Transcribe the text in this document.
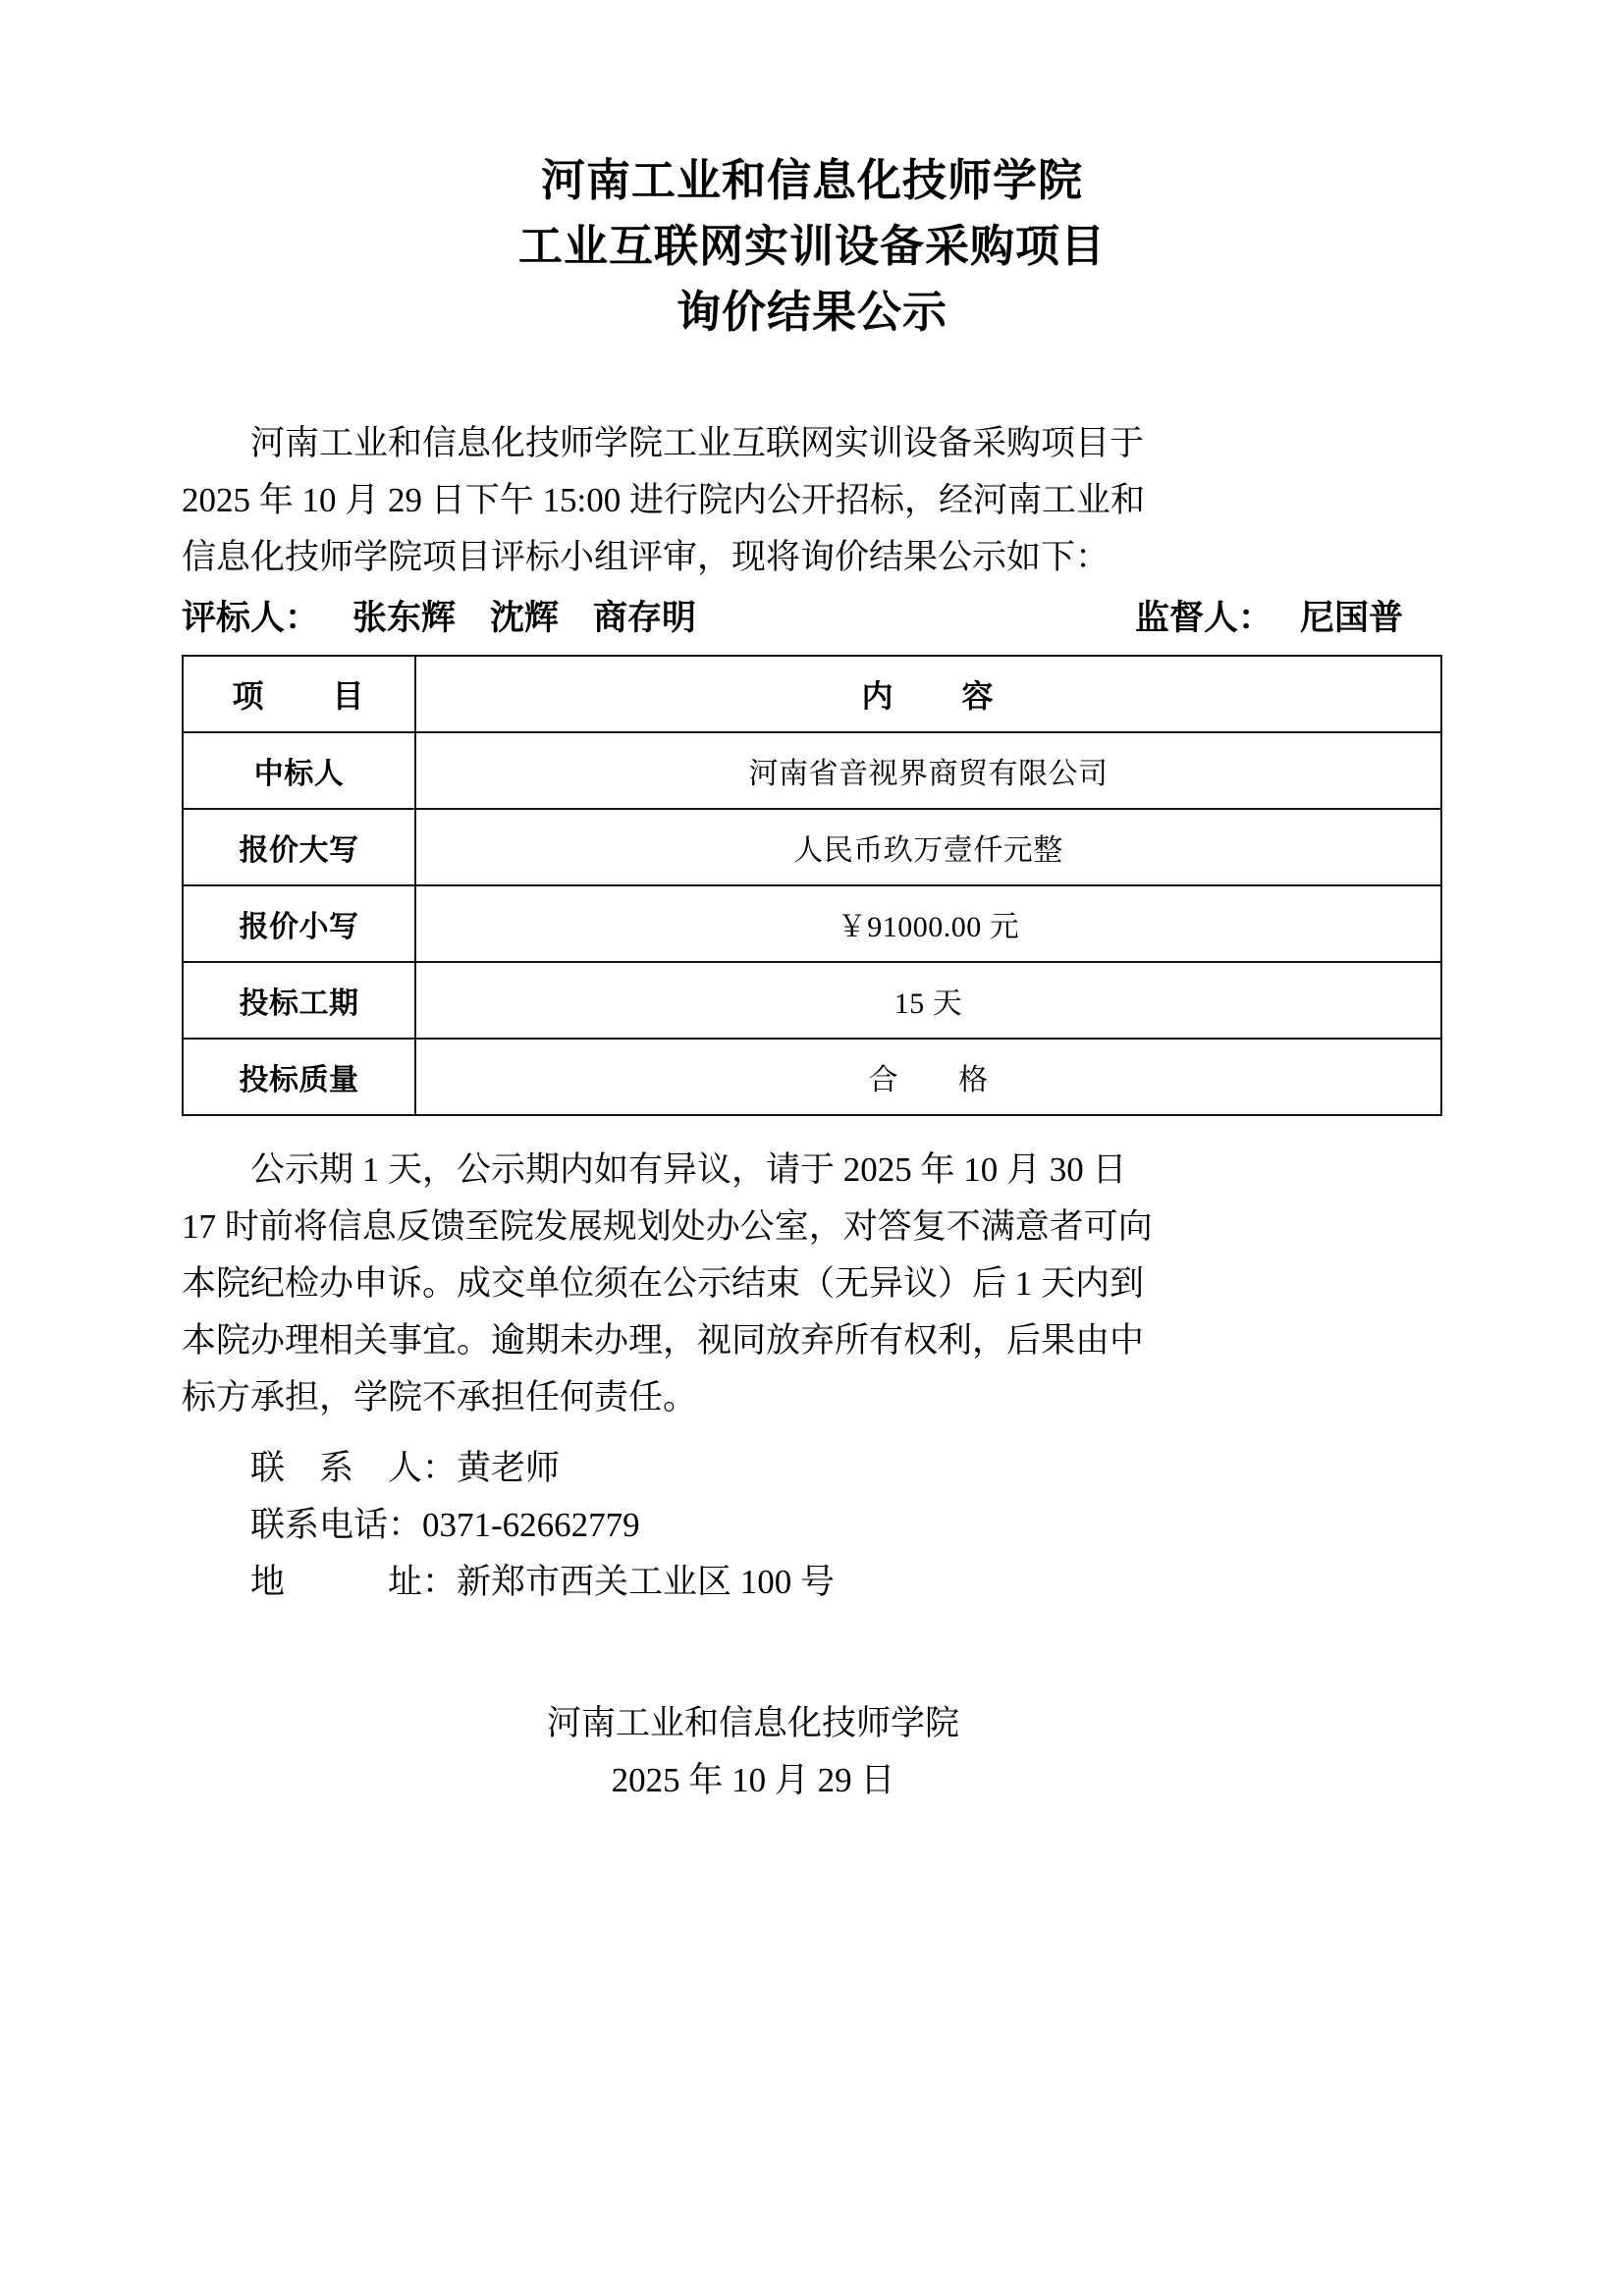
河南工业和信息化技师学院
工业互联网实训设备采购项目
询价结果公示
河南工业和信息化技师学院工业互联网实训设备采购项目于
2025 年 10 月 29 日下午 15:00 进行院内公开招标，经河南工业和
信息化技师学院项目评标小组评审，现将询价结果公示如下：
评标人： 张东辉　沈辉　商存明	监督人： 尼国普
项　　目	内　　容
中标人	河南省音视界商贸有限公司
报价大写	人民币玖万壹仟元整
报价小写	￥91000.00 元
投标工期	15 天
投标质量	合　　格
公示期 1 天，公示期内如有异议，请于 2025 年 10 月 30 日
17 时前将信息反馈至院发展规划处办公室，对答复不满意者可向
本院纪检办申诉。成交单位须在公示结束（无异议）后 1 天内到
本院办理相关事宜。逾期未办理，视同放弃所有权利，后果由中
标方承担，学院不承担任何责任。
联　系　人：黄老师
联系电话：0371-62662779
地　　　址：新郑市西关工业区 100 号
河南工业和信息化技师学院
2025 年 10 月 29 日
